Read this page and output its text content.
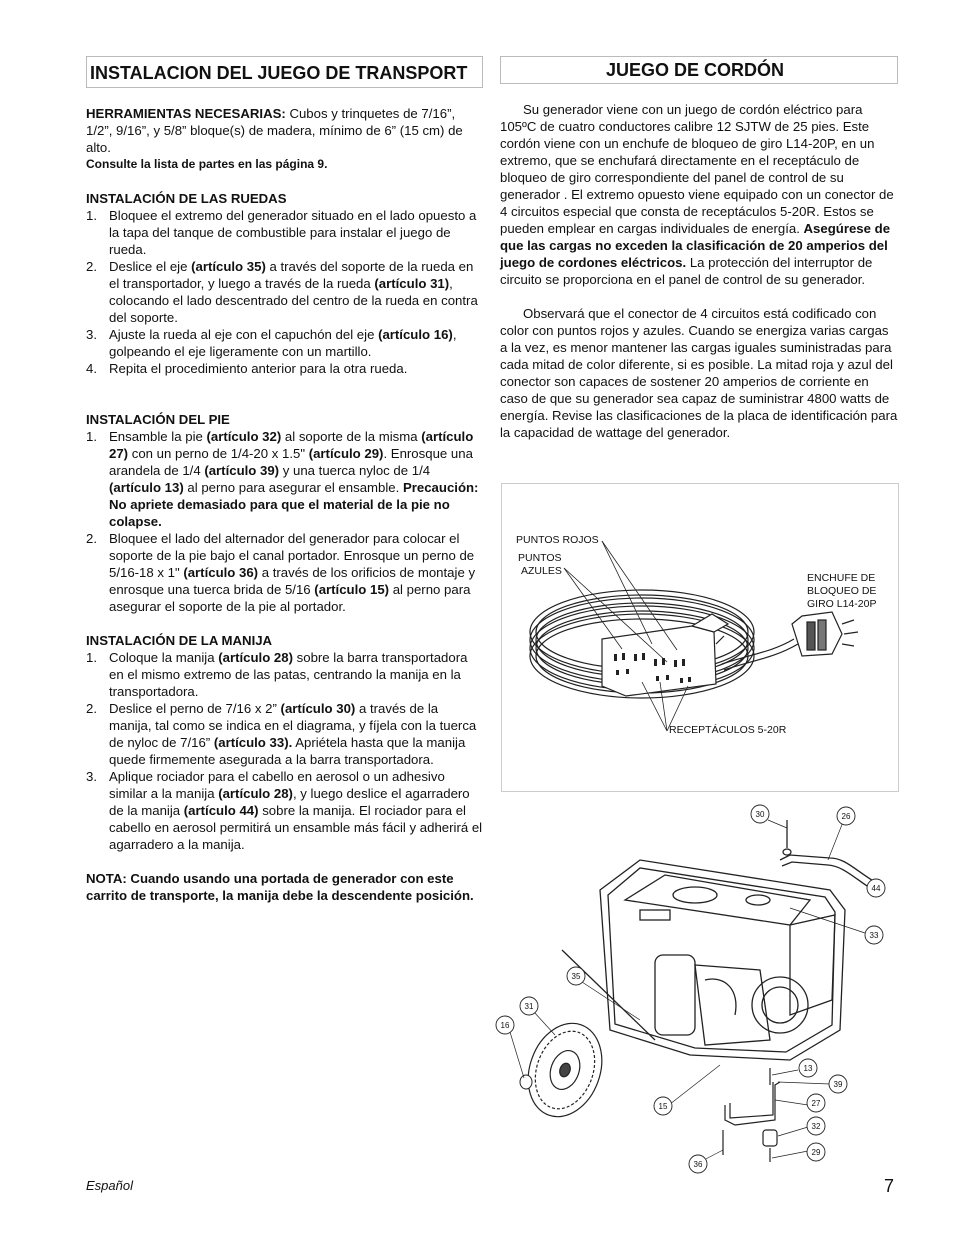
INSTALACION DEL JUEGO DE TRANSPORT

HERRAMIENTAS NECESARIAS: Cubos y trinquetes de 7/16”, 1/2”, 9/16”, y 5/8” bloque(s) de madera, mínimo de 6” (15 cm) de alto.

Consulte la lista de partes en las página 9.

INSTALACIÓN DE LAS RUEDAS

1. Bloquee el extremo del generador situado en el lado opuesto a la tapa del tanque de combustible para instalar el juego de rueda.
2. Deslice el eje (artículo 35) a través del soporte de la rueda en el transportador, y luego a través de la rueda (artículo 31), colocando el lado descentrado del centro de la rueda en contra del soporte.
3. Ajuste la rueda al eje con el capuchón del eje (artículo 16), golpeando el eje ligeramente con un martillo.
4. Repita el procedimiento anterior para la otra rueda.

INSTALACIÓN DEL PIE

1. Ensamble la pie (artículo 32) al soporte de la misma (artículo 27) con un perno de 1/4-20 x 1.5" (artículo 29). Enrosque una arandela de 1/4 (artículo 39) y una tuerca nyloc de 1/4 (artículo 13) al perno para asegurar el ensamble. Precaución: No apriete demasiado para que el material de la pie no colapse.
2. Bloquee el lado del alternador del generador para colocar el soporte de la pie bajo el canal portador. Enrosque un perno de 5/16-18 x 1" (artículo 36) a través de los orificios de montaje y enrosque una tuerca brida de 5/16 (artículo 15) al perno para asegurar el soporte de la pie al portador.

INSTALACIÓN DE LA MANIJA

1. Coloque la manija (artículo 28) sobre la barra transportadora en el mismo extremo de las patas, centrando la manija en la transportadora.
2. Deslice el perno de 7/16 x 2” (artículo 30) a través de la manija, tal como se indica en el diagrama, y fíjela con la tuerca de nyloc de 7/16” (artículo 33). Apriétela hasta que la manija quede firmemente asegurada a la barra transportadora.
3. Aplique rociador para el cabello en aerosol o un adhesivo similar a la manija (artículo 28), y luego deslice el agarradero de la manija (artículo 44) sobre la manija. El rociador para el cabello en aerosol permitirá un ensamble más fácil y adherirá el agarradero a la manija.

NOTA: Cuando usando una portada de generador con este carrito de transporte, la manija debe la descendente posición.

JUEGO DE CORDÓN

Su generador viene con un juego de cordón eléctrico para 105ºC de cuatro conductores calibre 12 SJTW de 25 pies. Este cordón viene con un enchufe de bloqueo de giro L14-20P, en un extremo, que se enchufará directamente en el receptáculo de bloqueo de giro correspondiente del panel de control de su generador . El extremo opuesto viene equipado con un conector de 4 circuitos especial que consta de receptáculos 5-20R. Estos se pueden emplear en cargas individuales de energía. Asegúrese de que las cargas no exceden la clasificación de 20 amperios del juego de cordones eléctricos. La protección del interruptor de circuito se proporciona en el panel de control de su generador.

Observará que el conector de 4 circuitos está codificado con color con puntos rojos y azules. Cuando se energiza varias cargas a la vez, es menor mantener las cargas iguales suministradas para cada mitad de color diferente, si es posible. La mitad roja y azul del conector son capaces de sostener 20 amperios de corriente en caso de que su generador sea capaz de suministrar 4800 watts de energía. Revise las clasificaciones de la placa de identificación para la capacidad de wattage del generador.

PUNTOS ROJOS
PUNTOS
AZULES
ENCHUFE DE
BLOQUEO DE
GIRO L14-20P
RECEPTÁCULOS 5-20R
30	26
44
33
35
31
16
13
39
27
15
32
36
29
Español	7
